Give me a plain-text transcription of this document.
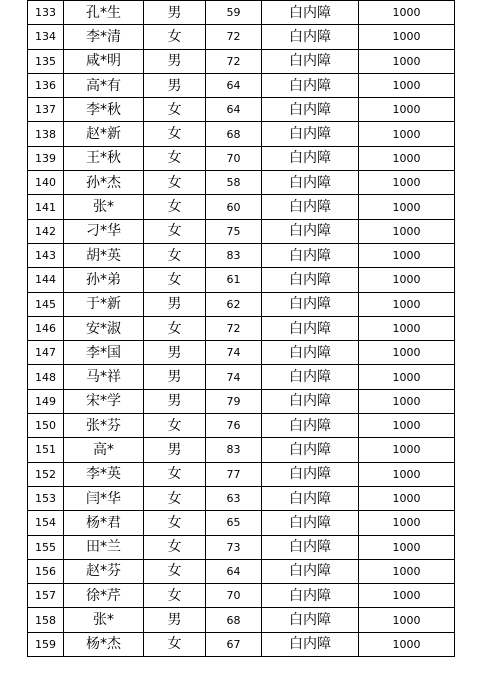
133	孔*生	男	59	白内障	1000
134	李*清	女	72	白内障	1000
135	咸*明	男	72	白内障	1000
136	高*有	男	64	白内障	1000
137	李*秋	女	64	白内障	1000
138	赵*新	女	68	白内障	1000
139	王*秋	女	70	白内障	1000
140	孙*杰	女	58	白内障	1000
141	张*	女	60	白内障	1000
142	刁*华	女	75	白内障	1000
143	胡*英	女	83	白内障	1000
144	孙*弟	女	61	白内障	1000
145	于*新	男	62	白内障	1000
146	安*淑	女	72	白内障	1000
147	李*国	男	74	白内障	1000
148	马*祥	男	74	白内障	1000
149	宋*学	男	79	白内障	1000
150	张*芬	女	76	白内障	1000
151	高*	男	83	白内障	1000
152	李*英	女	77	白内障	1000
153	闫*华	女	63	白内障	1000
154	杨*君	女	65	白内障	1000
155	田*兰	女	73	白内障	1000
156	赵*芬	女	64	白内障	1000
157	徐*芹	女	70	白内障	1000
158	张*	男	68	白内障	1000
159	杨*杰	女	67	白内障	1000
